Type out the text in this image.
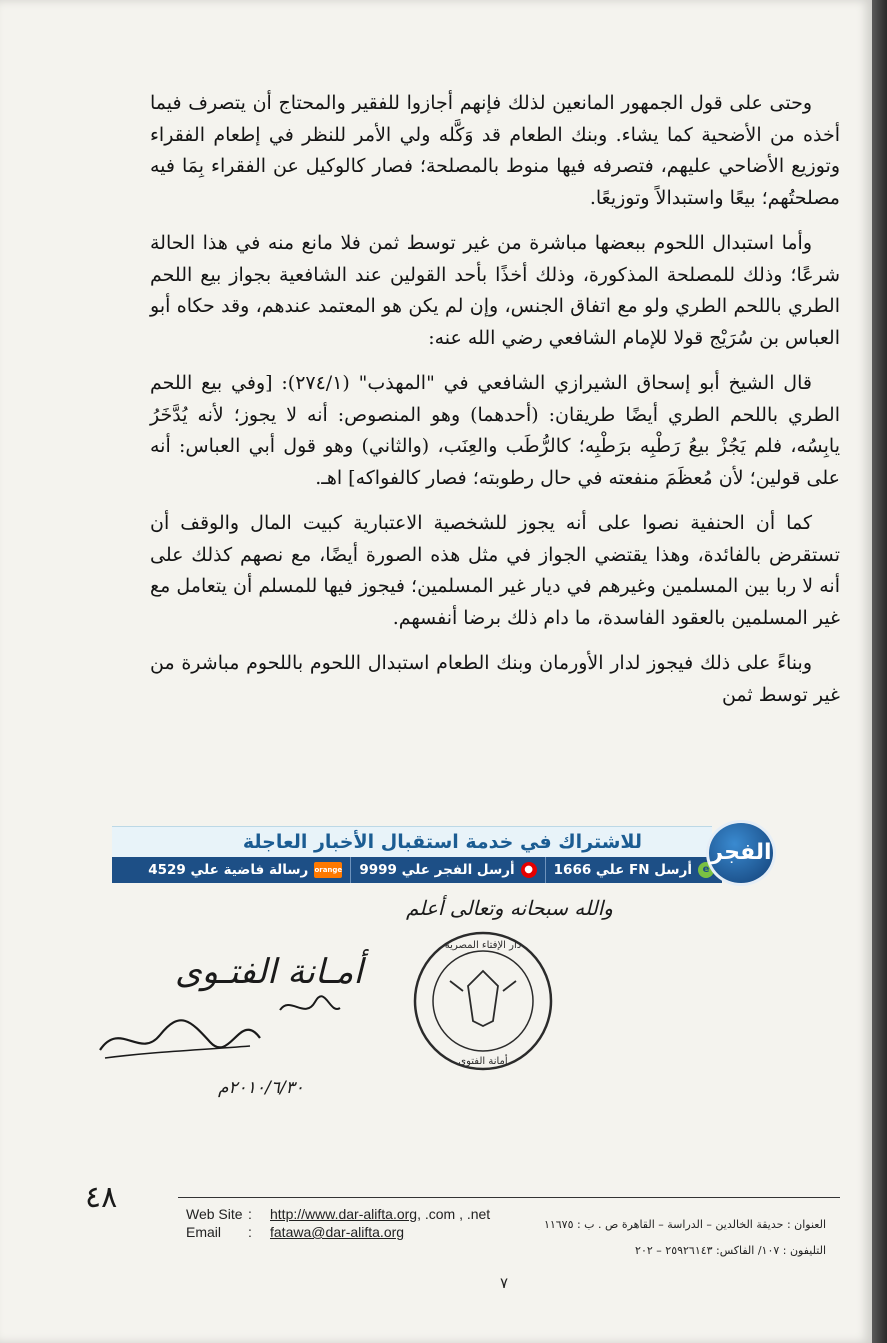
وحتى على قول الجمهور المانعين لذلك فإنهم أجازوا للفقير والمحتاج أن يتصرف فيما أخذه من الأضحية كما يشاء. وبنك الطعام قد وَكَّله ولي الأمر للنظر في إطعام الفقراء وتوزيع الأضاحي عليهم، فتصرفه فيها منوط بالمصلحة؛ فصار كالوكيل عن الفقراء بِمَا فيه مصلحتُهم؛ بيعًا واستبدالاً وتوزيعًا.

وأما استبدال اللحوم ببعضها مباشرة من غير توسط ثمن فلا مانع منه في هذا الحالة شرعًا؛ وذلك للمصلحة المذكورة، وذلك أخذًا بأحد القولين عند الشافعية بجواز بيع اللحم الطري باللحم الطري ولو مع اتفاق الجنس، وإن لم يكن هو المعتمد عندهم، وقد حكاه أبو العباس بن سُرَيْج قولا للإمام الشافعي رضي الله عنه:

قال الشيخ أبو إسحاق الشيرازي الشافعي في "المهذب" (٢٧٤/١): [وفي بيع اللحم الطري باللحم الطري أيضًا طريقان: (أحدهما) وهو المنصوص: أنه لا يجوز؛ لأنه يُدَّخَرُ يابِسُه، فلم يَجُزْ بيعُ رَطْبِه برَطْبِه؛ كالرُّطَب والعِنَب، (والثاني) وهو قول أبي العباس: أنه على قولين؛ لأن مُعظَمَ منفعته في حال رطوبته؛ فصار كالفواكه] اهـ.

كما أن الحنفية نصوا على أنه يجوز للشخصية الاعتبارية كبيت المال والوقف أن تستقرض بالفائدة، وهذا يقتضي الجواز في مثل هذه الصورة أيضًا، مع نصهم كذلك على أنه لا ربا بين المسلمين وغيرهم في ديار غير المسلمين؛ فيجوز فيها للمسلم أن يتعامل مع غير المسلمين بالعقود الفاسدة، ما دام ذلك برضا أنفسهم.

وبناءً على ذلك فيجوز لدار الأورمان وبنك الطعام استبدال اللحوم باللحوم مباشرة من غير توسط ثمن

للاشتراك في خدمة استقبال الأخبار العاجلة
e
أرسل FN علي 1666
●
أرسل الفجر علي 9999
orange
رسالة فاضية علي 4529
الفجر
والله سبحانه وتعالى أعلم
أمـانة الفتـوى
أحمد ممدوح سعد	خضر
دار الإفتاء المصرية
أمانة الفتوى
٢٠١٠/٦/٣٠م
٤٨	Web Site :	http://www.dar-alifta.org , .com , .net
Email	:	fatawa@dar-alifta.org	العنوان : حديقة الخالدين – الدراسة – القاهرة ص . ب : ١١٦٧٥
التليفون : ١٠٧/ الفاكس: ٢٥٩٢٦١٤٣ – ٢٠٢
٧
